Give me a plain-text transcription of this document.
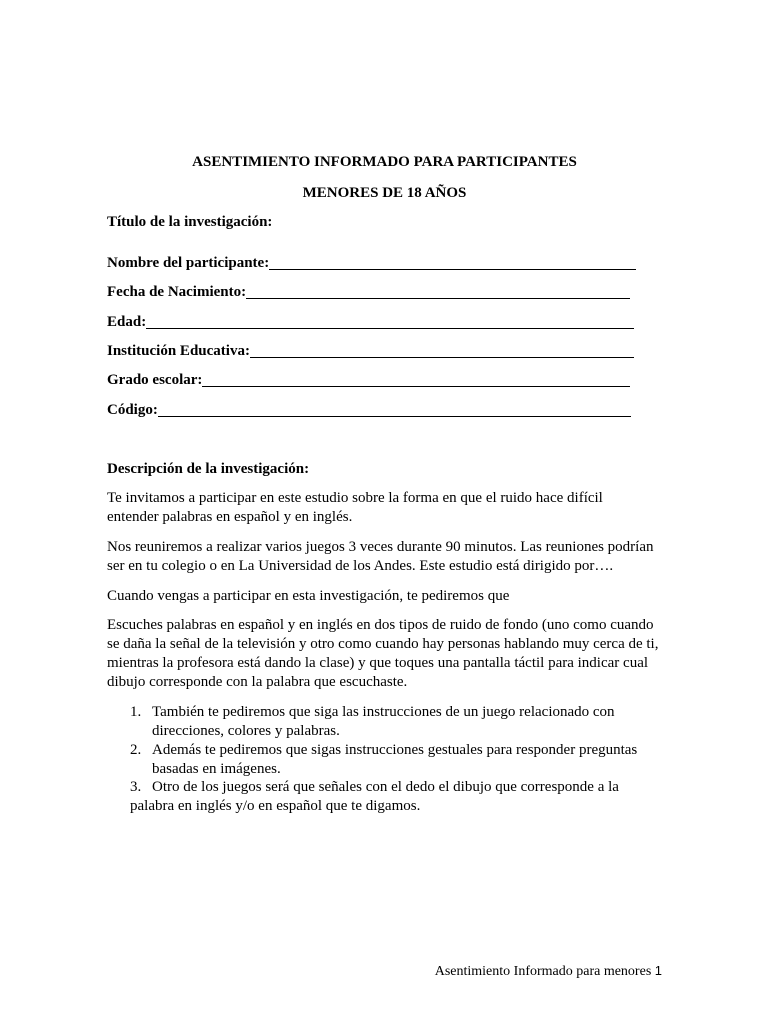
ASENTIMIENTO INFORMADO PARA PARTICIPANTES
MENORES DE 18 AÑOS
Título de la investigación:
Nombre del participante:
Fecha de Nacimiento:
Edad:
Institución Educativa:
Grado escolar:
Código:
Descripción de la investigación:
Te invitamos a participar en este estudio sobre la forma en que el ruido hace difícil
entender palabras en español y en inglés.
Nos reuniremos a realizar varios juegos 3 veces durante 90 minutos. Las reuniones podrían
ser en tu colegio o en La Universidad de los Andes. Este estudio está dirigido por….
Cuando vengas a participar en esta investigación, te pediremos que
Escuches palabras en español y en inglés en dos tipos de ruido de fondo (uno como cuando
se daña la señal de la televisión y otro como cuando hay personas hablando muy cerca de ti,
mientras la profesora está dando la clase) y que toques una pantalla táctil para indicar cual
dibujo corresponde con la palabra que escuchaste.
1. También te pediremos que siga las instrucciones de un juego relacionado con
direcciones, colores y palabras.
2. Además te pediremos que sigas instrucciones gestuales para responder preguntas
basadas en imágenes.
3. Otro de los juegos será que señales con el dedo el dibujo que corresponde a la
palabra en inglés y/o en español que te digamos.
Asentimiento Informado para menores 1
